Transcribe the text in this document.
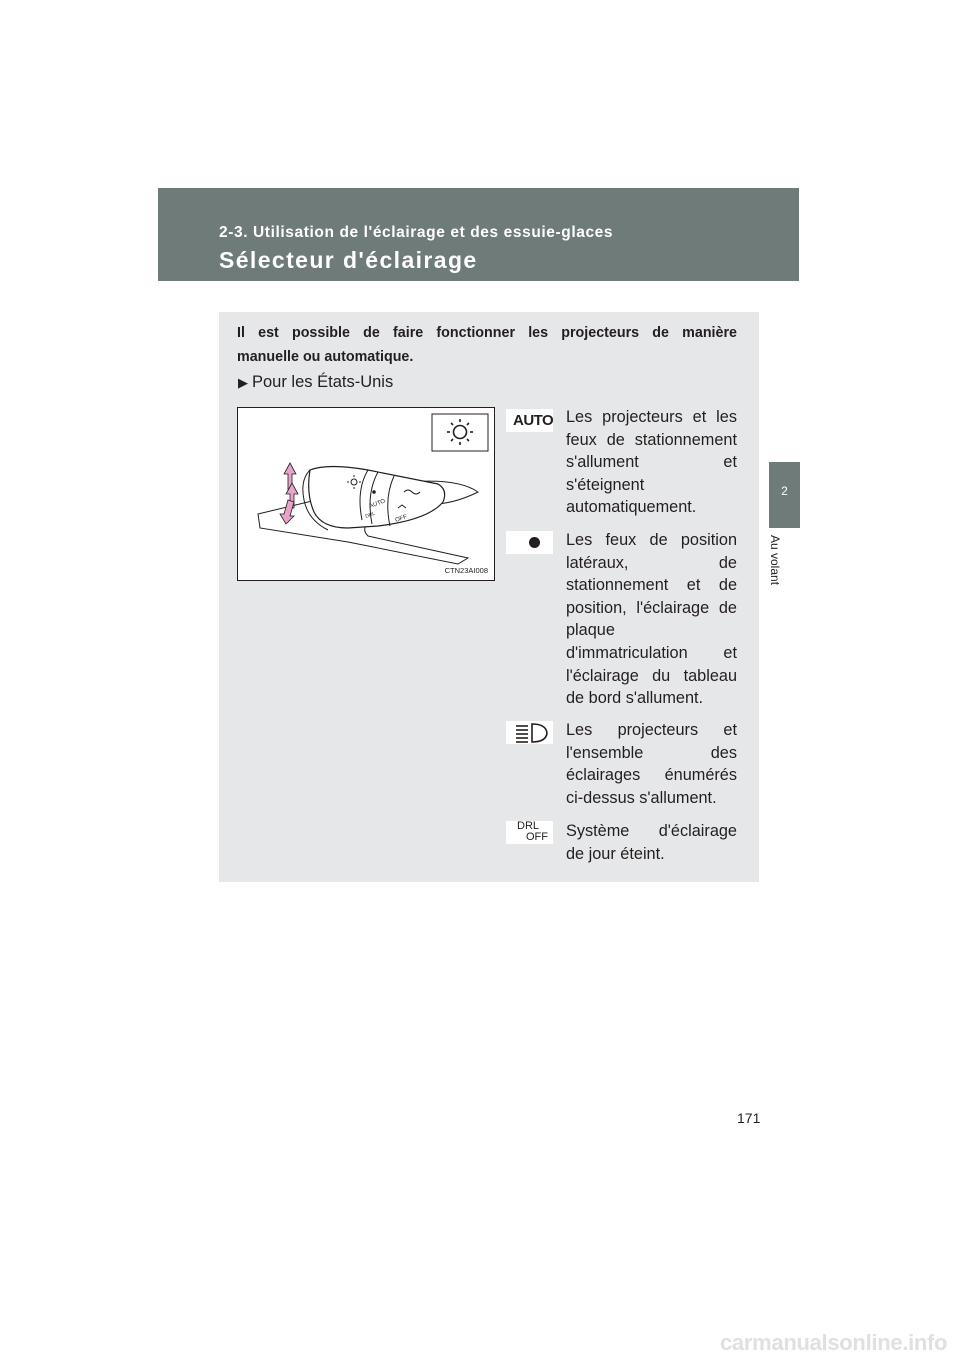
2-3. Utilisation de l'éclairage et des essuie-glaces
Sélecteur d'éclairage
2
Au volant
Il est possible de faire fonctionner les projecteurs de manière
manuelle ou automatique.
▶ Pour les États-Unis
AUTO
DRL	OFF
CTN23AI008
AUTO Les projecteurs et les
feux de stationnement
s'allument et
s'éteignent
automatiquement.
Les feux de position
latéraux, de
stationnement et de
position, l'éclairage de
plaque
d'immatriculation et
l'éclairage du tableau
de bord s'allument.
Les projecteurs et
l'ensemble des
éclairages énumérés
ci-dessus s'allument.
DRL
OFF Système d'éclairage
de jour éteint.
171
carmanualsonline.info
